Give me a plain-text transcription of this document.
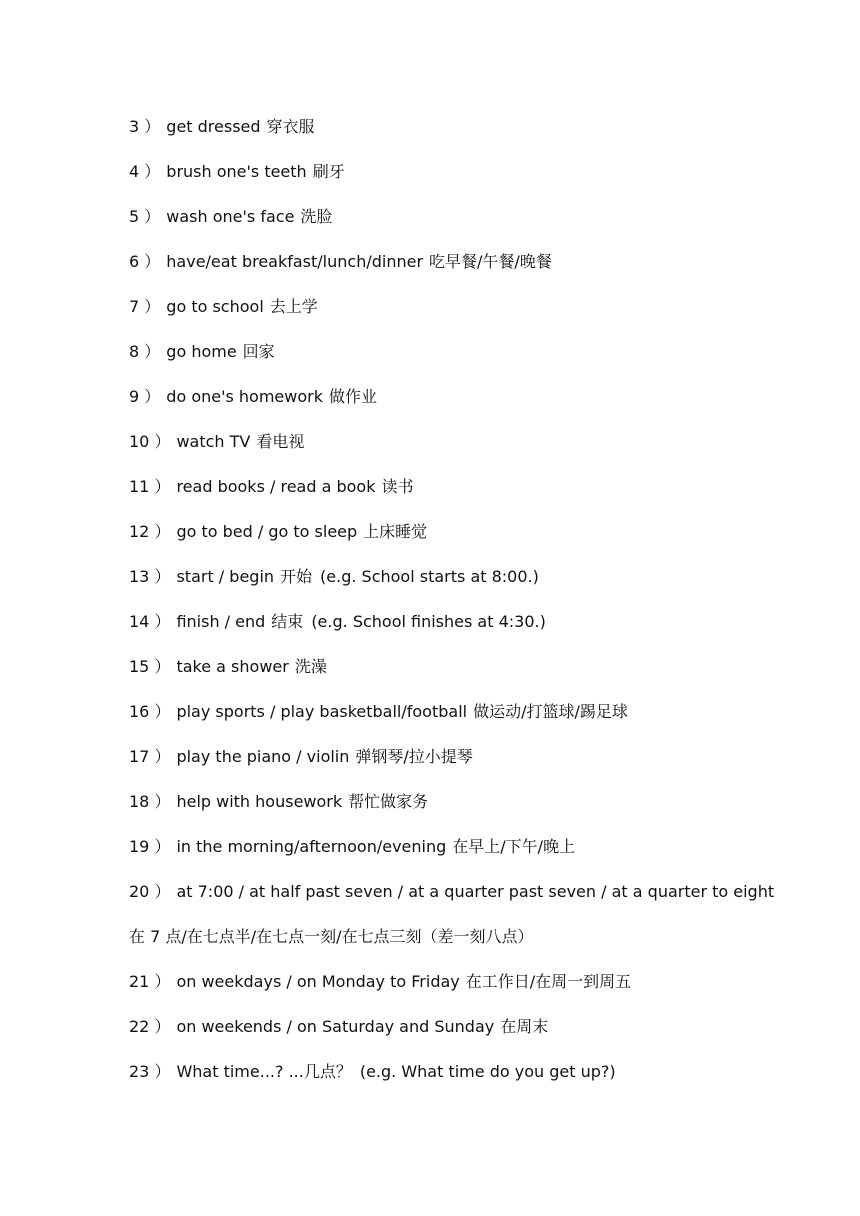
3 ） get dressed 穿衣服
4 ） brush one's teeth 刷牙
5 ） wash one's face 洗脸
6 ） have/eat breakfast/lunch/dinner 吃早餐/午餐/晚餐
7 ） go to school 去上学
8 ） go home 回家
9 ） do one's homework 做作业
10 ） watch TV 看电视
11 ） read books / read a book 读书
12 ） go to bed / go to sleep 上床睡觉
13 ） start / begin 开始 (e.g. School starts at 8:00.)
14 ） finish / end 结束 (e.g. School finishes at 4:30.)
15 ） take a shower 洗澡
16 ） play sports / play basketball/football 做运动/打篮球/踢足球
17 ） play the piano / violin 弹钢琴/拉小提琴
18 ） help with housework 帮忙做家务
19 ） in the morning/afternoon/evening 在早上/下午/晚上
20 ） at 7:00 / at half past seven / at a quarter past seven / at a quarter to eight
在 7 点/在七点半/在七点一刻/在七点三刻（差一刻八点）
21 ） on weekdays / on Monday to Friday 在工作日/在周一到周五
22 ） on weekends / on Saturday and Sunday 在周末
23 ） What time...? ...几点？ (e.g. What time do you get up?)
